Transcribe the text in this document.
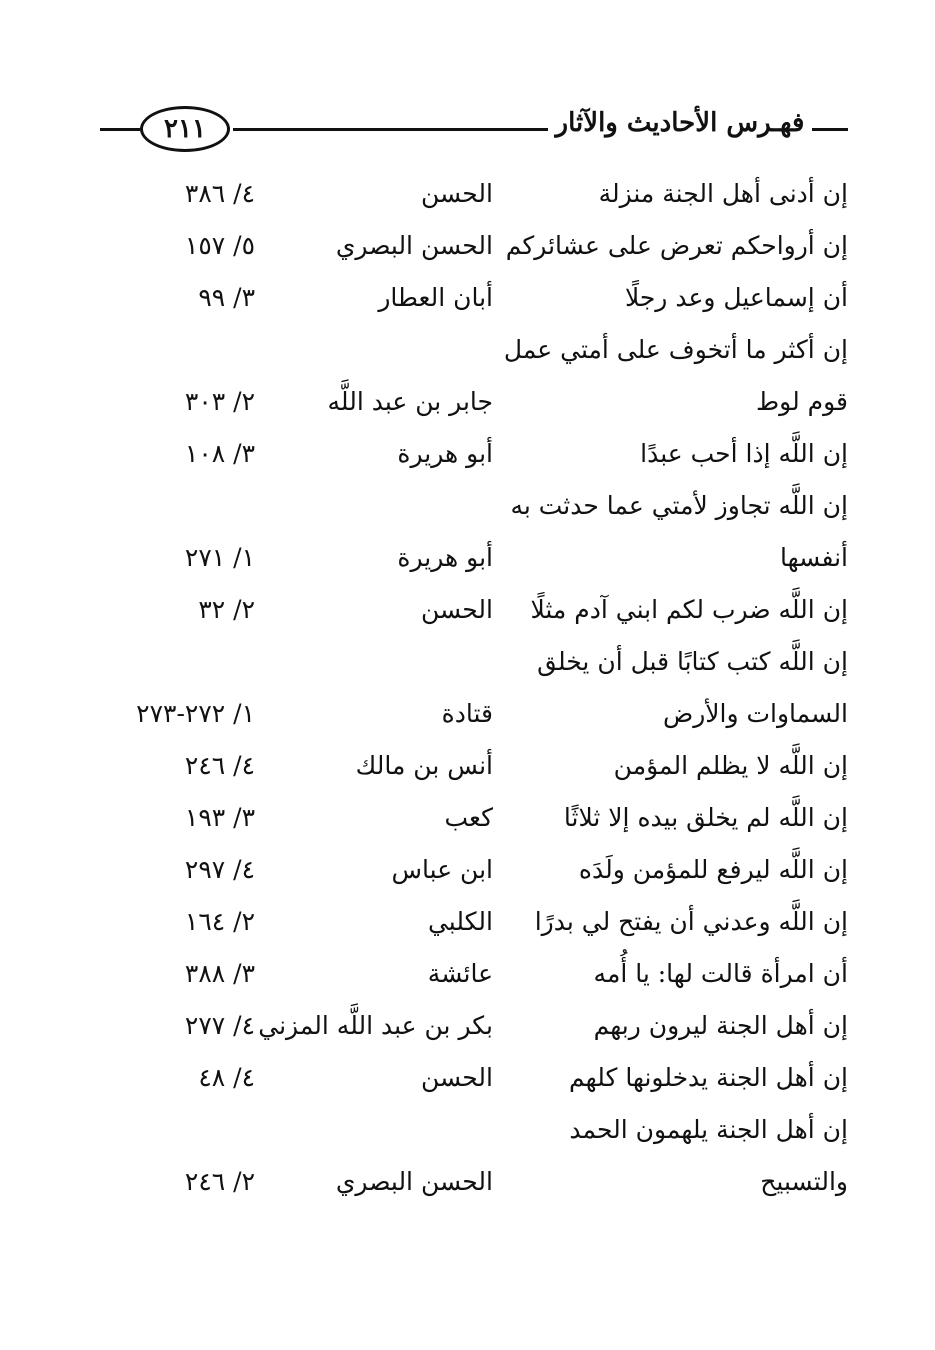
٢١١	فهـرس الأحاديث والآثار
إن أدنى أهل الجنة منزلة
الحسن
٤/ ٣٨٦
إن أرواحكم تعرض على عشائركم
الحسن البصري
٥/ ١٥٧
أن إسماعيل وعد رجلًا
أبان العطار
٣/ ٩٩
إن أكثر ما أتخوف على أمتي عمل
قوم لوط
جابر بن عبد اللَّه
٢/ ٣٠٣
إن اللَّه إذا أحب عبدًا
أبو هريرة
٣/ ١٠٨
إن اللَّه تجاوز لأمتي عما حدثت به
أنفسها
أبو هريرة
١/ ٢٧١
إن اللَّه ضرب لكم ابني آدم مثلًا
الحسن
٢/ ٣٢
إن اللَّه كتب كتابًا قبل أن يخلق
السماوات والأرض
قتادة
١/ ٢٧٢-٢٧٣
إن اللَّه لا يظلم المؤمن
أنس بن مالك
٤/ ٢٤٦
إن اللَّه لم يخلق بيده إلا ثلاثًا
كعب
٣/ ١٩٣
إن اللَّه ليرفع للمؤمن ولَدَه
ابن عباس
٤/ ٢٩٧
إن اللَّه وعدني أن يفتح لي بدرًا
الكلبي
٢/ ١٦٤
أن امرأة قالت لها: يا أُمه
عائشة
٣/ ٣٨٨
إن أهل الجنة ليرون ربهم
بكر بن عبد اللَّه المزني
٤/ ٢٧٧
إن أهل الجنة يدخلونها كلهم
الحسن
٤/ ٤٨
إن أهل الجنة يلهمون الحمد
والتسبيح
الحسن البصري
٢/ ٢٤٦
